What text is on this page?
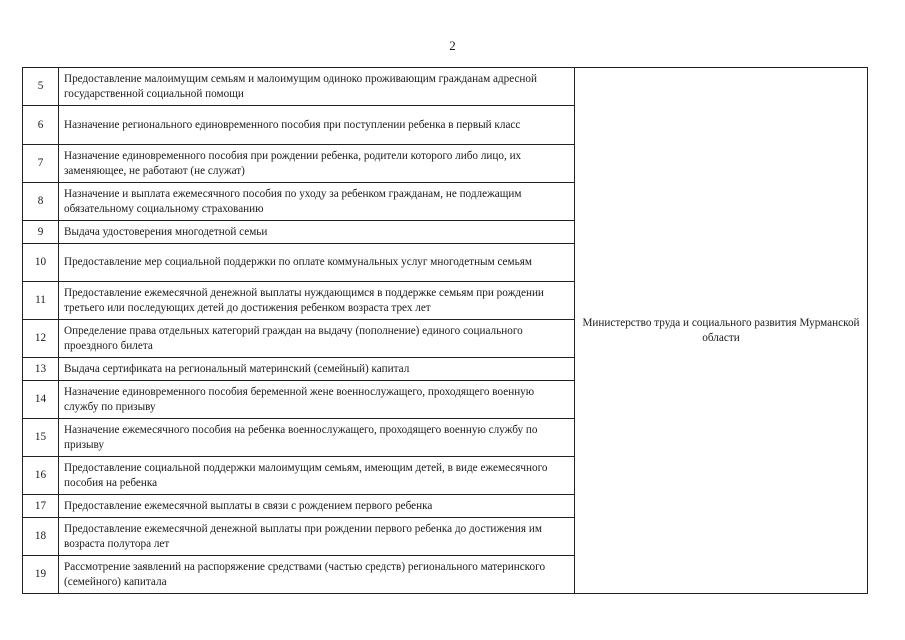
2
5	Предоставление малоимущим семьям и малоимущим одиноко проживающим гражданам адресной государственной социальной помощи	Министерство труда и социального развития Мурманской области
6	Назначение регионального единовременного пособия при поступлении ребенка в первый класс	
7	Назначение единовременного пособия при рождении ребенка, родители которого либо лицо, их заменяющее, не работают (не служат)	
8	Назначение и выплата ежемесячного пособия по уходу за ребенком гражданам, не подлежащим обязательному социальному страхованию	
9	Выдача удостоверения многодетной семьи	
10	Предоставление мер социальной поддержки по оплате коммунальных услуг многодетным семьям	
11	Предоставление ежемесячной денежной выплаты нуждающимся в поддержке семьям при рождении третьего или последующих детей до достижения ребенком возраста трех лет	
12	Определение права отдельных категорий граждан на выдачу (пополнение) единого социального проездного билета	
13	Выдача сертификата на региональный материнский (семейный) капитал	
14	Назначение единовременного пособия беременной жене военнослужащего, проходящего военную службу по призыву	
15	Назначение ежемесячного пособия на ребенка военнослужащего, проходящего военную службу по призыву	
16	Предоставление социальной поддержки малоимущим семьям, имеющим детей, в виде ежемесячного пособия на ребенка	
17	Предоставление ежемесячной выплаты в связи с рождением первого ребенка	
18	Предоставление ежемесячной денежной выплаты при рождении первого ребенка до достижения им возраста полутора лет	
19	Рассмотрение заявлений на распоряжение средствами (частью средств) регионального материнского (семейного) капитала	
